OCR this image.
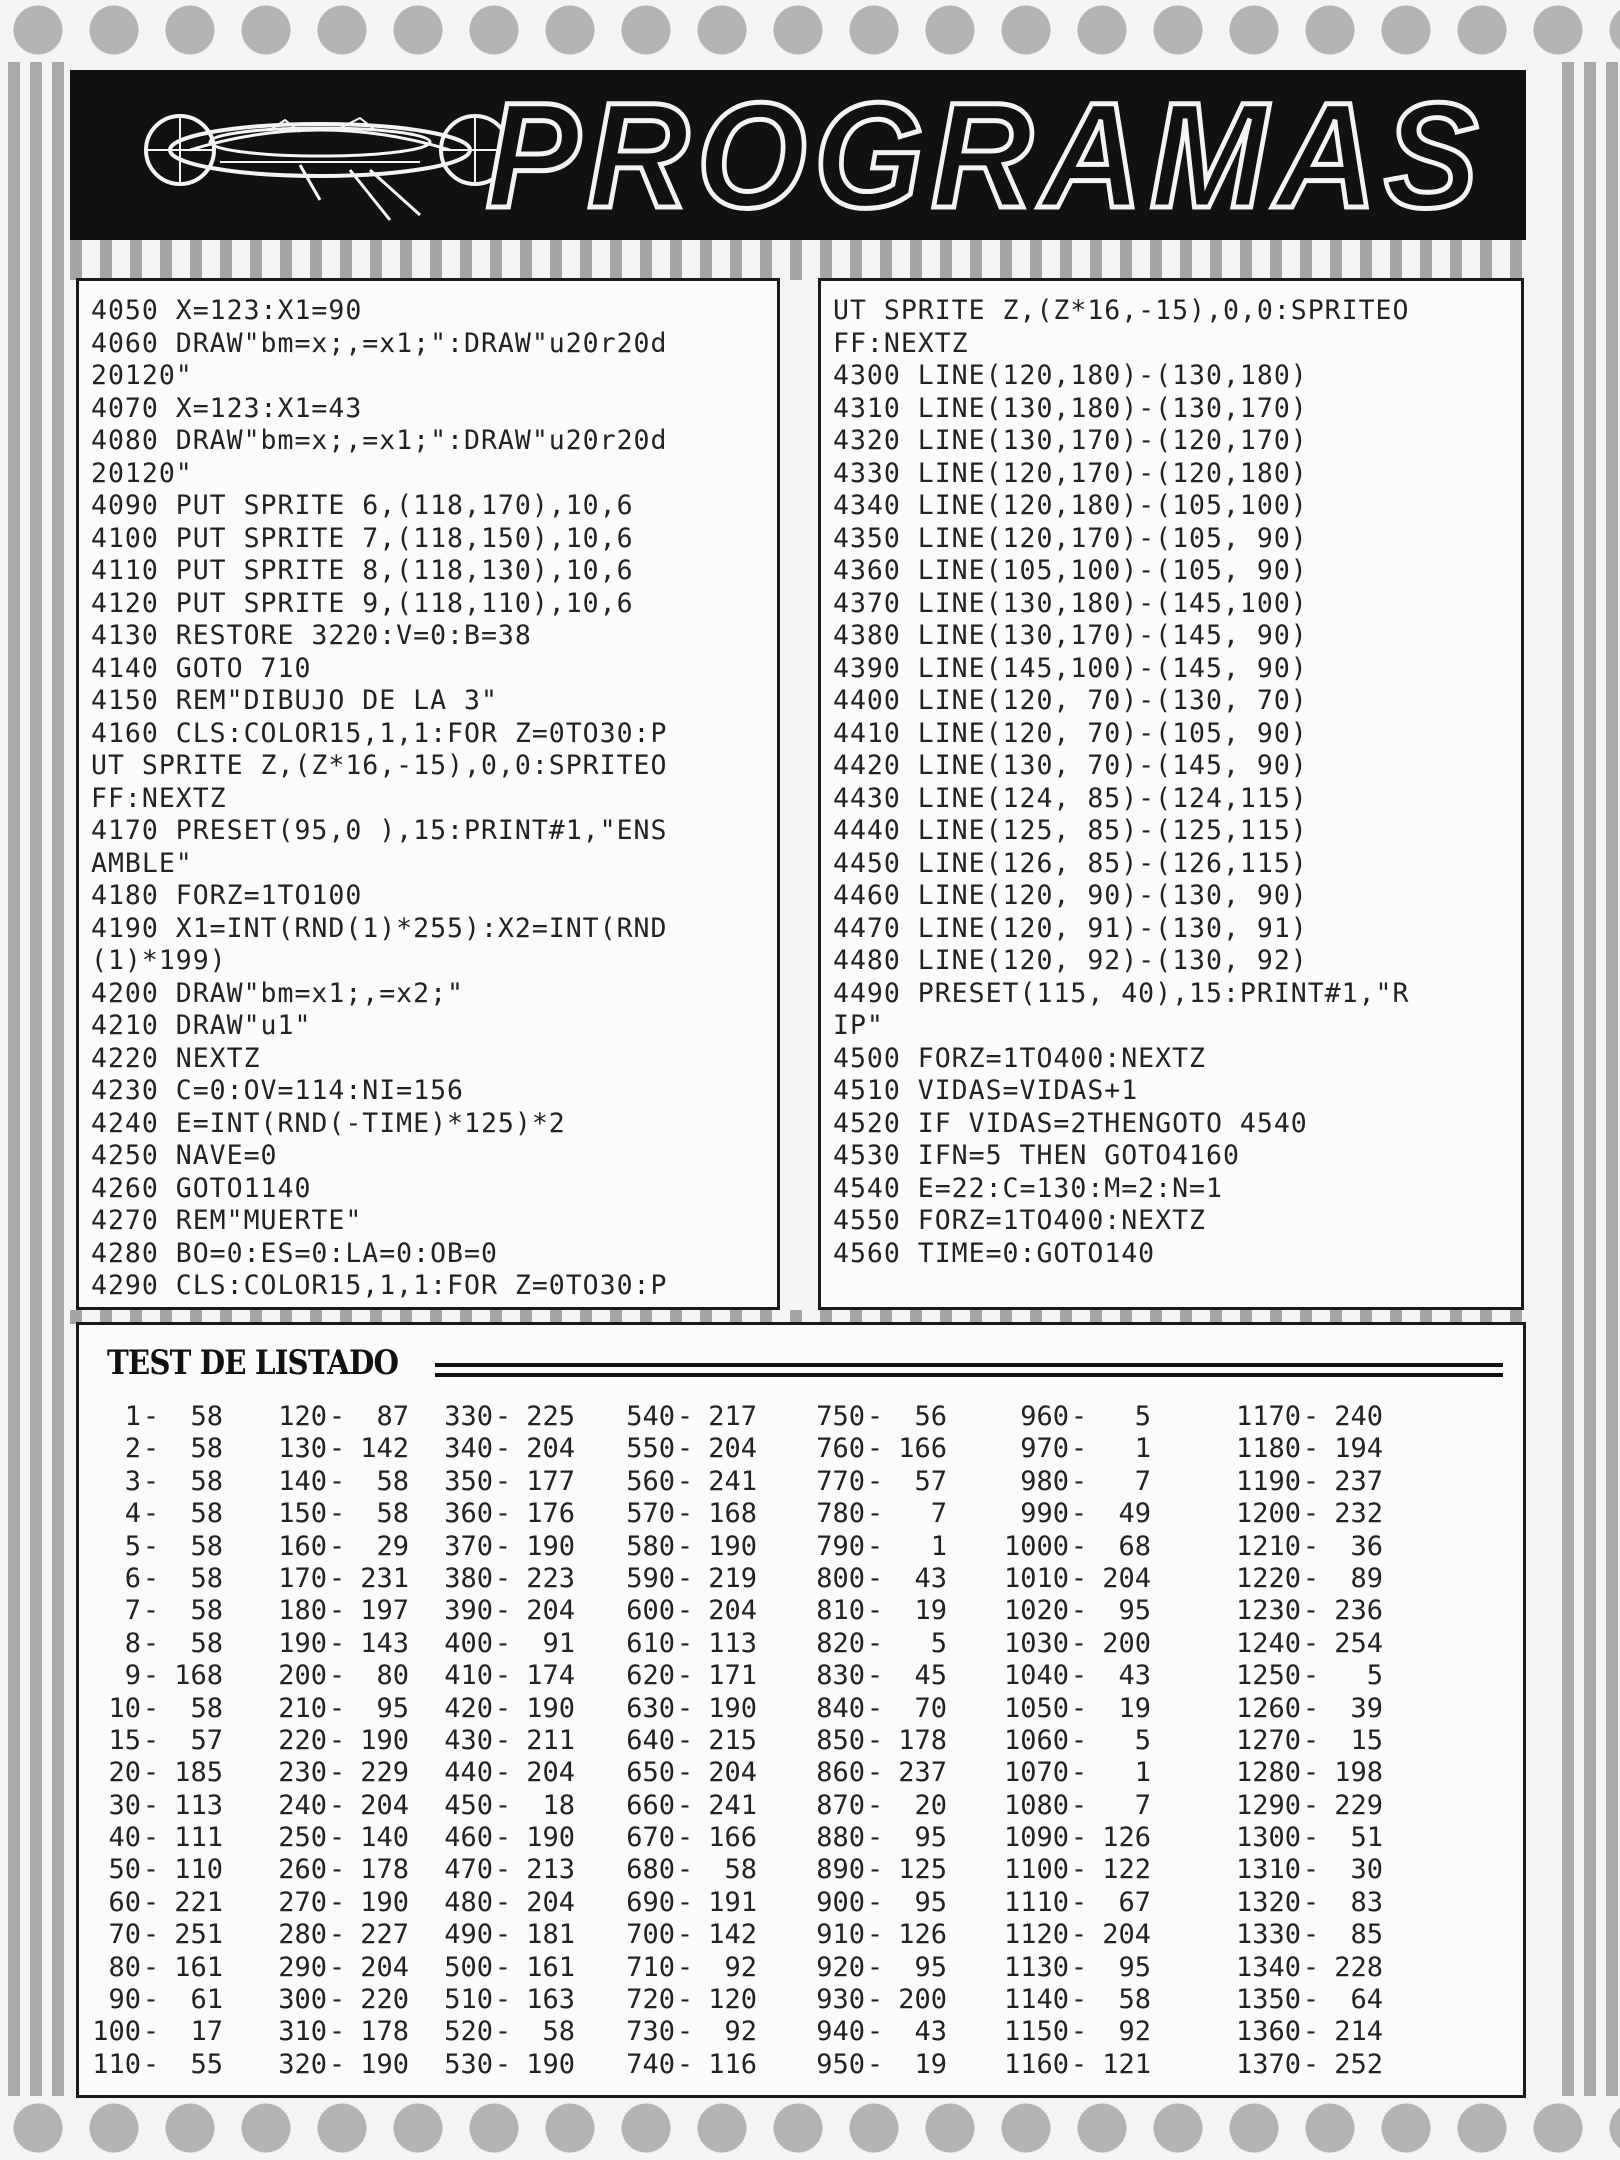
PROGRAMAS
4050 X=123:X1=90
4060 DRAW"bm=x;,=x1;":DRAW"u20r20d
20120"
4070 X=123:X1=43
4080 DRAW"bm=x;,=x1;":DRAW"u20r20d
20120"
4090 PUT SPRITE 6,(118,170),10,6
4100 PUT SPRITE 7,(118,150),10,6
4110 PUT SPRITE 8,(118,130),10,6
4120 PUT SPRITE 9,(118,110),10,6
4130 RESTORE 3220:V=0:B=38
4140 GOTO 710
4150 REM"DIBUJO DE LA 3"
4160 CLS:COLOR15,1,1:FOR Z=0TO30:P
UT SPRITE Z,(Z*16,-15),0,0:SPRITEO
FF:NEXTZ
4170 PRESET(95,0 ),15:PRINT#1,"ENS
AMBLE"
4180 FORZ=1TO100
4190 X1=INT(RND(1)*255):X2=INT(RND
(1)*199)
4200 DRAW"bm=x1;,=x2;"
4210 DRAW"u1"
4220 NEXTZ
4230 C=0:OV=114:NI=156
4240 E=INT(RND(-TIME)*125)*2
4250 NAVE=0
4260 GOTO1140
4270 REM"MUERTE"
4280 BO=0:ES=0:LA=0:OB=0
4290 CLS:COLOR15,1,1:FOR Z=0TO30:P
UT SPRITE Z,(Z*16,-15),0,0:SPRITEO
FF:NEXTZ
4300 LINE(120,180)-(130,180)
4310 LINE(130,180)-(130,170)
4320 LINE(130,170)-(120,170)
4330 LINE(120,170)-(120,180)
4340 LINE(120,180)-(105,100)
4350 LINE(120,170)-(105, 90)
4360 LINE(105,100)-(105, 90)
4370 LINE(130,180)-(145,100)
4380 LINE(130,170)-(145, 90)
4390 LINE(145,100)-(145, 90)
4400 LINE(120, 70)-(130, 70)
4410 LINE(120, 70)-(105, 90)
4420 LINE(130, 70)-(145, 90)
4430 LINE(124, 85)-(124,115)
4440 LINE(125, 85)-(125,115)
4450 LINE(126, 85)-(126,115)
4460 LINE(120, 90)-(130, 90)
4470 LINE(120, 91)-(130, 91)
4480 LINE(120, 92)-(130, 92)
4490 PRESET(115, 40),15:PRINT#1,"R
IP"
4500 FORZ=1TO400:NEXTZ
4510 VIDAS=VIDAS+1
4520 IF VIDAS=2THENGOTO 4540
4530 IFN=5 THEN GOTO4160
4540 E=22:C=130:M=2:N=1
4550 FORZ=1TO400:NEXTZ
4560 TIME=0:GOTO140
TEST DE LISTADO
1- 58
2- 58
3- 58
4- 58
5- 58
6- 58
7- 58
8- 58
9- 168
10- 58
15- 57
20- 185
30- 113
40- 111
50- 110
60- 221
70- 251
80- 161
90- 61
100- 17
110- 55
120- 87
130- 142
140- 58
150- 58
160- 29
170- 231
180- 197
190- 143
200- 80
210- 95
220- 190
230- 229
240- 204
250- 140
260- 178
270- 190
280- 227
290- 204
300- 220
310- 178
320- 190
330- 225
340- 204
350- 177
360- 176
370- 190
380- 223
390- 204
400- 91
410- 174
420- 190
430- 211
440- 204
450- 18
460- 190
470- 213
480- 204
490- 181
500- 161
510- 163
520- 58
530- 190
540- 217
550- 204
560- 241
570- 168
580- 190
590- 219
600- 204
610- 113
620- 171
630- 190
640- 215
650- 204
660- 241
670- 166
680- 58
690- 191
700- 142
710- 92
720- 120
730- 92
740- 116
750- 56
760- 166
770- 57
780- 7
790- 1
800- 43
810- 19
820- 5
830- 45
840- 70
850- 178
860- 237
870- 20
880- 95
890- 125
900- 95
910- 126
920- 95
930- 200
940- 43
950- 19
960- 5
970- 1
980- 7
990- 49
1000- 68
1010- 204
1020- 95
1030- 200
1040- 43
1050- 19
1060- 5
1070- 1
1080- 7
1090- 126
1100- 122
1110- 67
1120- 204
1130- 95
1140- 58
1150- 92
1160- 121
1170- 240
1180- 194
1190- 237
1200- 232
1210- 36
1220- 89
1230- 236
1240- 254
1250- 5
1260- 39
1270- 15
1280- 198
1290- 229
1300- 51
1310- 30
1320- 83
1330- 85
1340- 228
1350- 64
1360- 214
1370- 252
